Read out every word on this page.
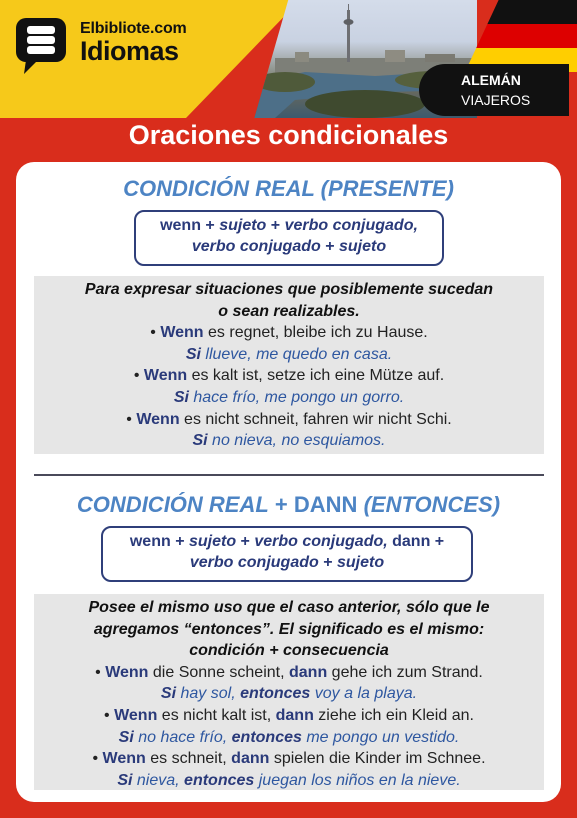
ALEMÁN
VIAJEROS
Elbibliote.com
Idiomas
Oraciones condicionales
CONDICIÓN REAL (PRESENTE)
wenn + sujeto + verbo conjugado,
verbo conjugado + sujeto
Para expresar situaciones que posiblemente sucedan o sean realizables.
• Wenn es regnet, bleibe ich zu Hause.
Si llueve, me quedo en casa.
• Wenn es kalt ist, setze ich eine Mütze auf.
Si hace frío, me pongo un gorro.
• Wenn es nicht schneit, fahren wir nicht Schi.
Si no nieva, no esquiamos.
CONDICIÓN REAL + DANN (ENTONCES)
wenn + sujeto + verbo conjugado, dann +
verbo conjugado + sujeto
Posee el mismo uso que el caso anterior, sólo que le agregamos “entonces”. El significado es el mismo: condición + consecuencia
• Wenn die Sonne scheint, dann gehe ich zum Strand.
Si hay sol, entonces voy a la playa.
• Wenn es nicht kalt ist, dann ziehe ich ein Kleid an.
Si no hace frío, entonces me pongo un vestido.
• Wenn es schneit, dann spielen die Kinder im Schnee.
Si nieva, entonces juegan los niños en la nieve.
